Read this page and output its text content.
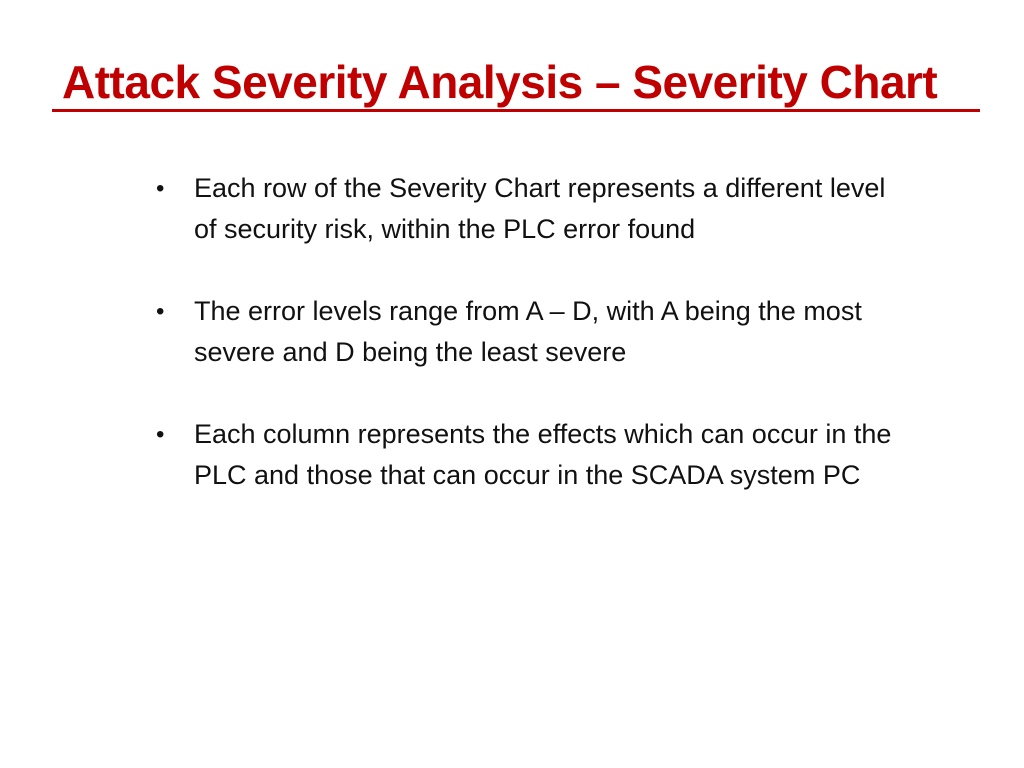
Attack Severity Analysis – Severity Chart
• Each row of the Severity Chart represents a different level of security risk, within the PLC error found
• The error levels range from A – D, with A being the most severe and D being the least severe
• Each column represents the effects which can occur in the PLC and those that can occur in the SCADA system PC
